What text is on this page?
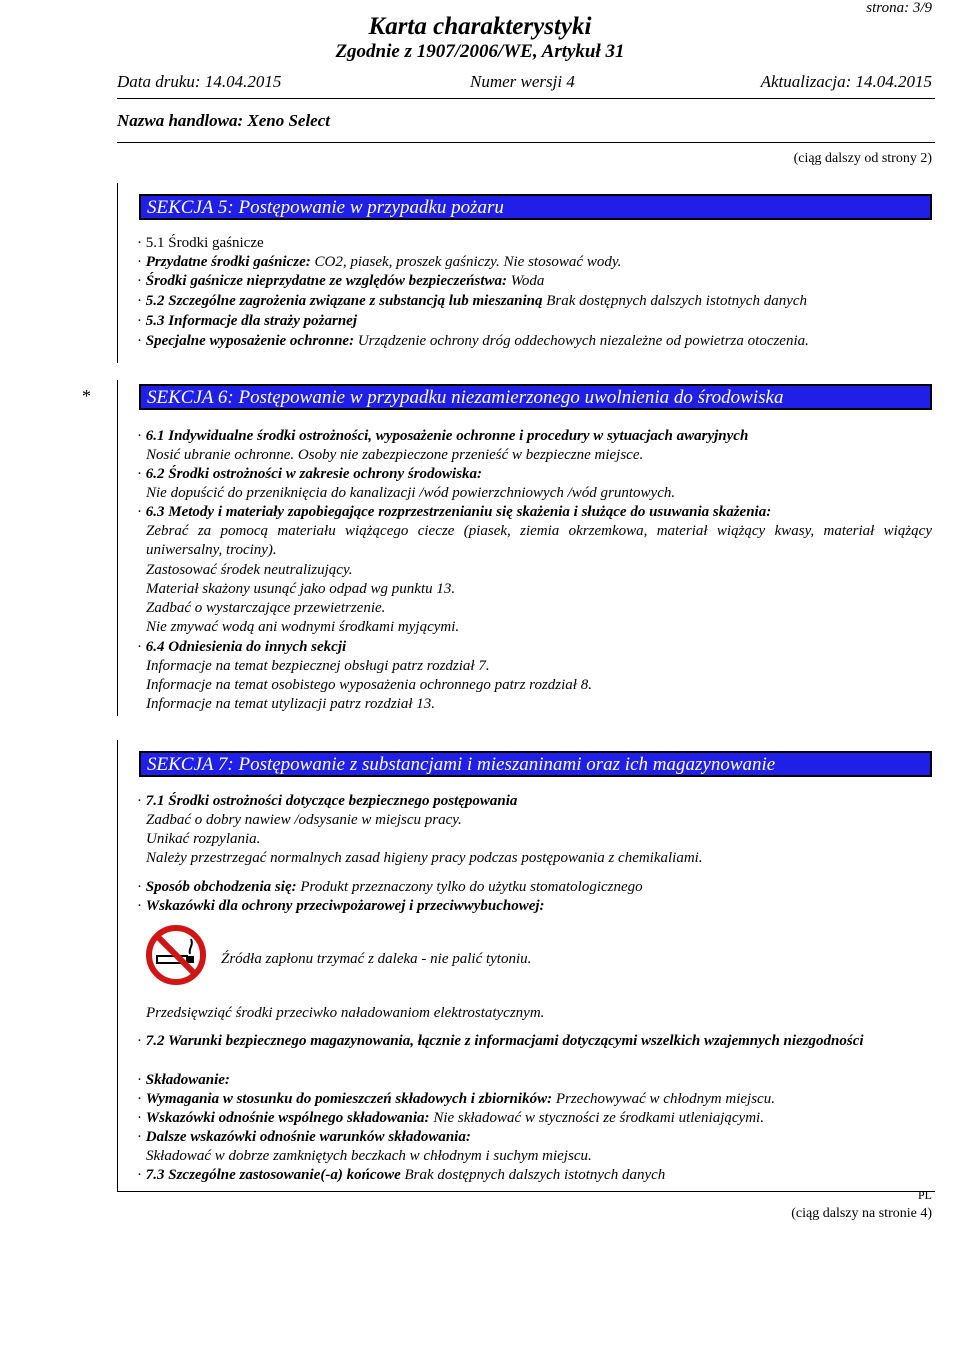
strona: 3/9
Karta charakterystyki
Zgodnie z 1907/2006/WE, Artykuł 31
Data druku: 14.04.2015	Numer wersji 4	Aktualizacja: 14.04.2015
Nazwa handlowa: Xeno Select
(ciąg dalszy od strony 2)
SEKCJA 5: Postępowanie w przypadku pożaru
· 5.1 Środki gaśnicze
· Przydatne środki gaśnicze: CO2, piasek, proszek gaśniczy. Nie stosować wody.
· Środki gaśnicze nieprzydatne ze względów bezpieczeństwa: Woda
· 5.2 Szczególne zagrożenia związane z substancją lub mieszaniną Brak dostępnych dalszych istotnych danych
· 5.3 Informacje dla straży pożarnej
· Specjalne wyposażenie ochronne: Urządzenie ochrony dróg oddechowych niezależne od powietrza otoczenia.
*	SEKCJA 6: Postępowanie w przypadku niezamierzonego uwolnienia do środowiska
· 6.1 Indywidualne środki ostrożności, wyposażenie ochronne i procedury w sytuacjach awaryjnych
Nosić ubranie ochronne. Osoby nie zabezpieczone przenieść w bezpieczne miejsce.
· 6.2 Środki ostrożności w zakresie ochrony środowiska:
Nie dopuścić do przeniknięcia do kanalizacji /wód powierzchniowych /wód gruntowych.
· 6.3 Metody i materiały zapobiegające rozprzestrzenianiu się skażenia i służące do usuwania skażenia:
Zebrać za pomocą materiału wiążącego ciecze (piasek, ziemia okrzemkowa, materiał wiążący kwasy, materiał wiążący uniwersalny, trociny).
Zastosować środek neutralizujący.
Materiał skażony usunąć jako odpad wg punktu 13.
Zadbać o wystarczające przewietrzenie.
Nie zmywać wodą ani wodnymi środkami myjącymi.
· 6.4 Odniesienia do innych sekcji
Informacje na temat bezpiecznej obsługi patrz rozdział 7.
Informacje na temat osobistego wyposażenia ochronnego patrz rozdział 8.
Informacje na temat utylizacji patrz rozdział 13.
SEKCJA 7: Postępowanie z substancjami i mieszaninami oraz ich magazynowanie
· 7.1 Środki ostrożności dotyczące bezpiecznego postępowania
Zadbać o dobry nawiew /odsysanie w miejscu pracy.
Unikać rozpylania.
Należy przestrzegać normalnych zasad higieny pracy podczas postępowania z chemikaliami.
· Sposób obchodzenia się: Produkt przeznaczony tylko do użytku stomatologicznego
· Wskazówki dla ochrony przeciwpożarowej i przeciwwybuchowej:
Źródła zapłonu trzymać z daleka - nie palić tytoniu.
Przedsięwziąć środki przeciwko naładowaniom elektrostatycznym.
· 7.2 Warunki bezpiecznego magazynowania, łącznie z informacjami dotyczącymi wszelkich wzajemnych niezgodności
· Składowanie:
· Wymagania w stosunku do pomieszczeń składowych i zbiorników: Przechowywać w chłodnym miejscu.
· Wskazówki odnośnie wspólnego składowania: Nie składować w styczności ze środkami utleniającymi.
· Dalsze wskazówki odnośnie warunków składowania:
Składować w dobrze zamkniętych beczkach w chłodnym i suchym miejscu.
· 7.3 Szczególne zastosowanie(-a) końcowe Brak dostępnych dalszych istotnych danych
PL
(ciąg dalszy na stronie 4)
